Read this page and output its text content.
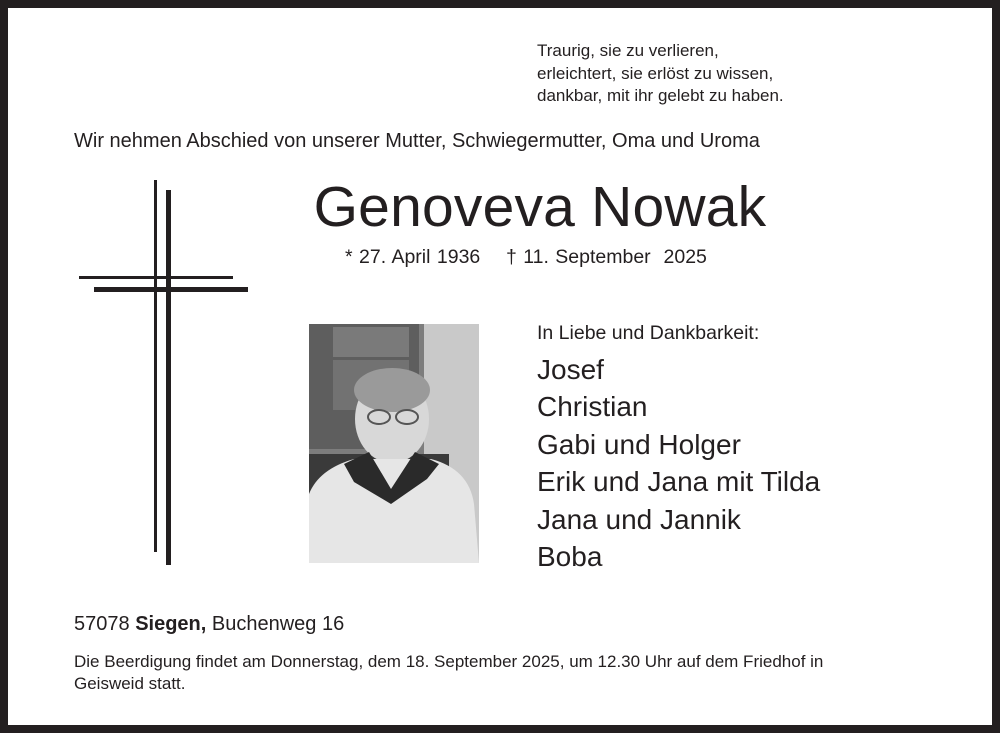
Traurig, sie zu verlieren,
erleichtert, sie erlöst zu wissen,
dankbar, mit ihr gelebt zu haben.
Wir nehmen Abschied von unserer Mutter, Schwiegermutter, Oma und Uroma
Genoveva Nowak
* 27. April 1936 † 11. September  2025
In Liebe und Dankbarkeit:
Josef
Christian
Gabi und Holger
Erik und Jana mit Tilda
Jana und Jannik
Boba
57078 Siegen, Buchenweg 16
Die Beerdigung findet am Donnerstag, dem 18. September 2025, um 12.30 Uhr auf dem Friedhof in
Geisweid statt.
